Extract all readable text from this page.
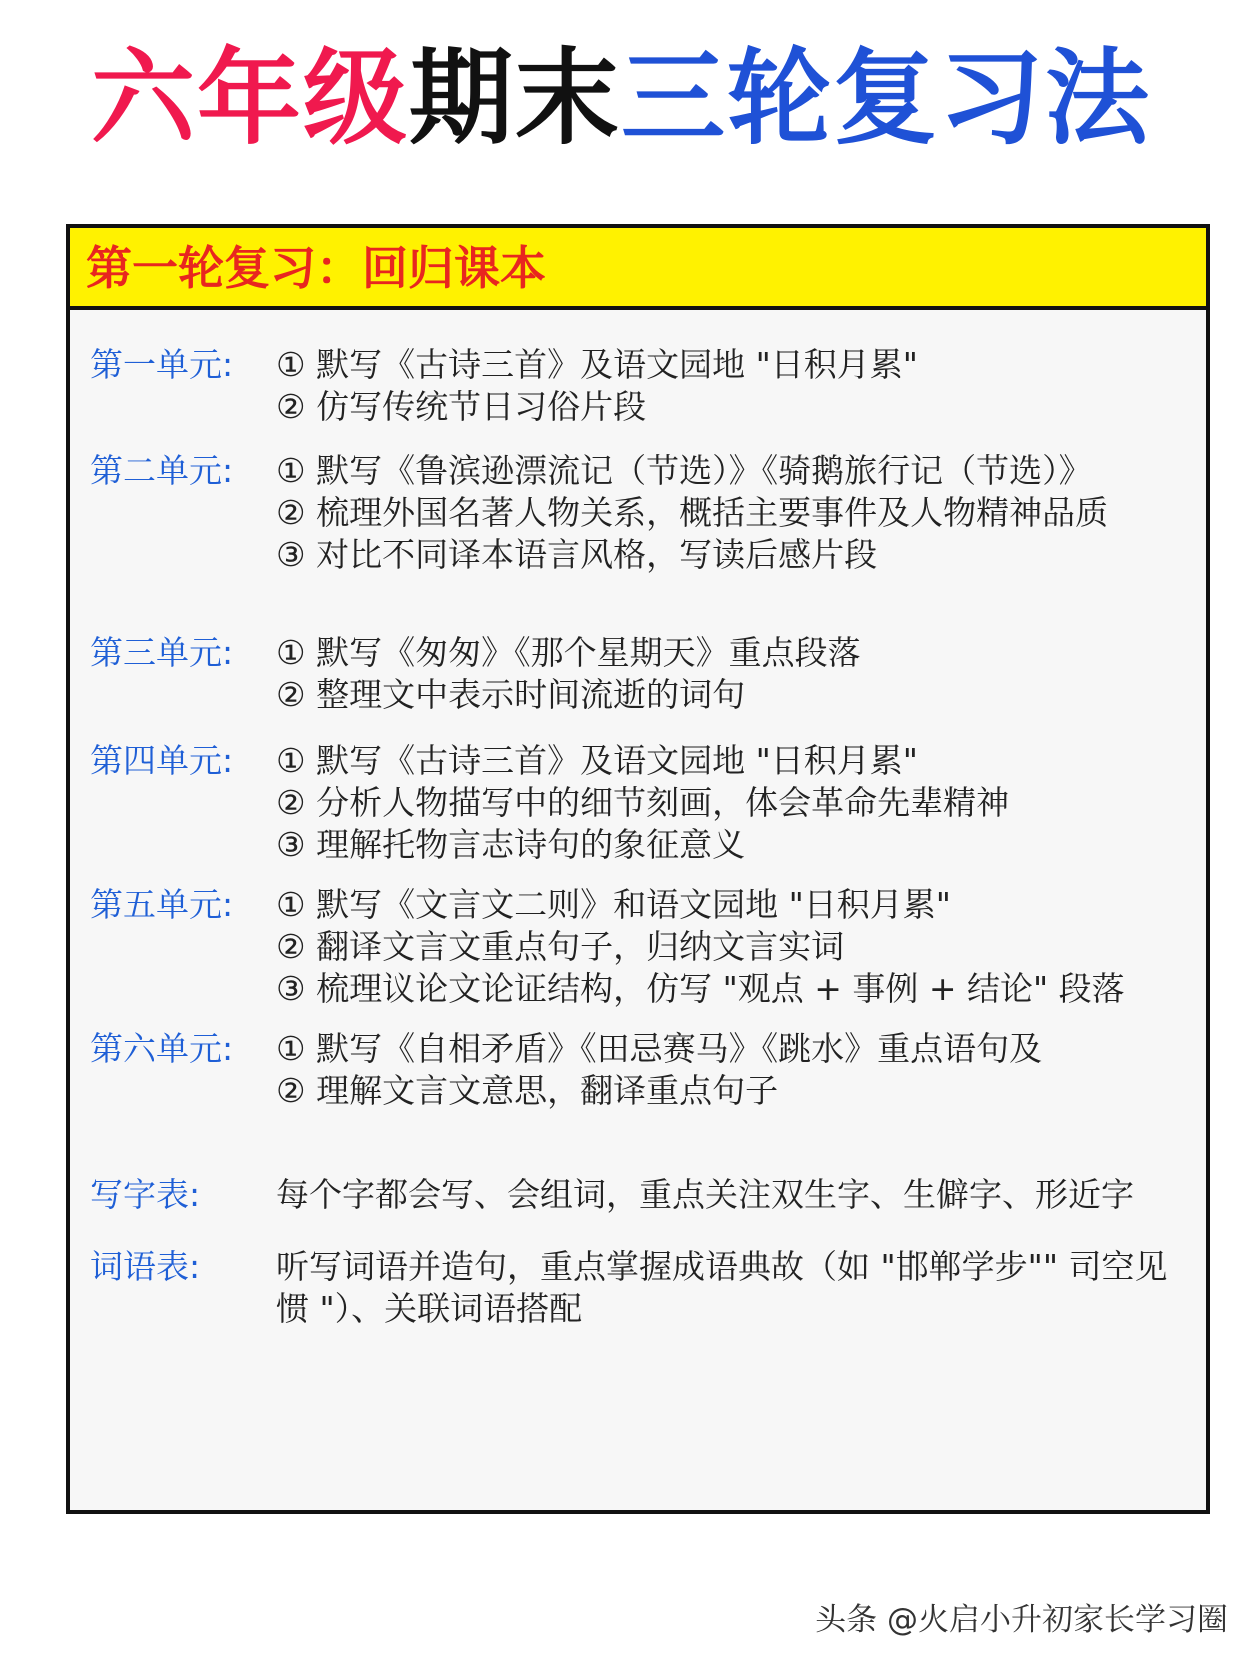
六年级期末三轮复习法
第一轮复习：回归课本
第一单元: ① 默写《古诗三首》及语文园地 "日积月累"
② 仿写传统节日习俗片段
第二单元: ① 默写《鲁滨逊漂流记（节选）》《骑鹅旅行记（节选）》
② 梳理外国名著人物关系，概括主要事件及人物精神品质
③ 对比不同译本语言风格，写读后感片段
第三单元: ① 默写《匆匆》《那个星期天》重点段落
② 整理文中表示时间流逝的词句
第四单元: ① 默写《古诗三首》及语文园地 "日积月累"
② 分析人物描写中的细节刻画，体会革命先辈精神
③ 理解托物言志诗句的象征意义
第五单元: ① 默写《文言文二则》和语文园地 "日积月累"
② 翻译文言文重点句子，归纳文言实词
③ 梳理议论文论证结构，仿写 "观点 + 事例 + 结论" 段落
第六单元: ① 默写《自相矛盾》《田忌赛马》《跳水》重点语句及
② 理解文言文意思，翻译重点句子
写字表: 每个字都会写、会组词，重点关注双生字、生僻字、形近字
词语表: 听写词语并造句，重点掌握成语典故（如 "邯郸学步"" 司空见惯 "）、关联词语搭配
头条 @火启小升初家长学习圈
